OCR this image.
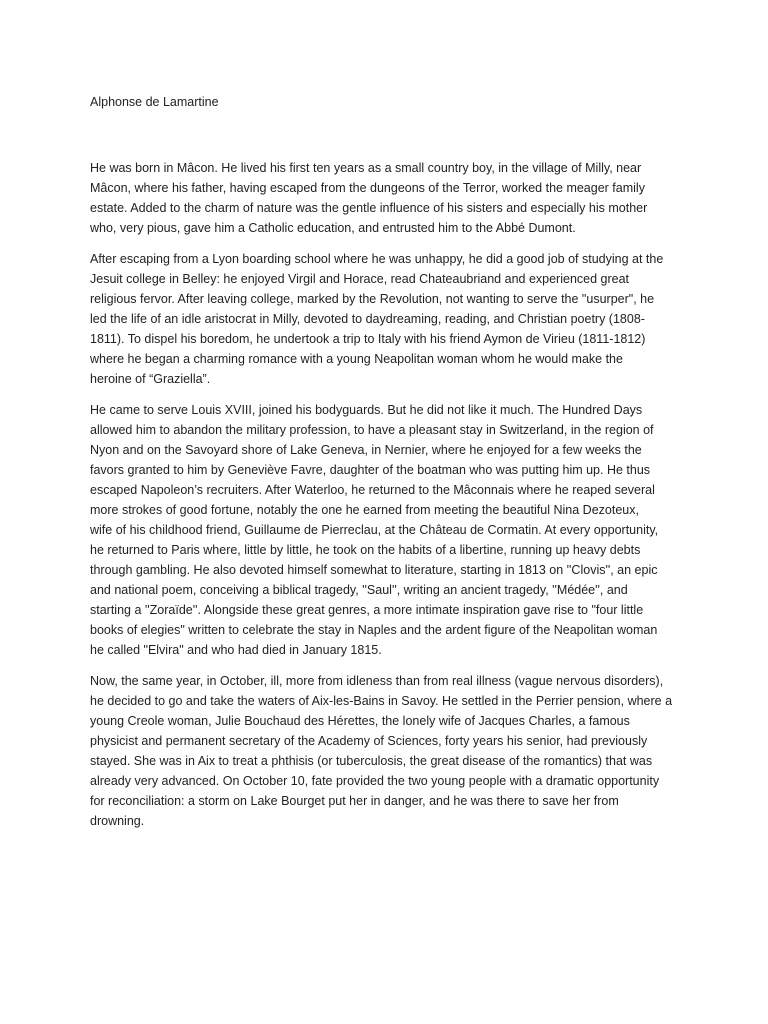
Alphonse de Lamartine

He was born in Mâcon. He lived his first ten years as a small country boy, in the village of Milly, near
Mâcon, where his father, having escaped from the dungeons of the Terror, worked the meager family
estate. Added to the charm of nature was the gentle influence of his sisters and especially his mother
who, very pious, gave him a Catholic education, and entrusted him to the Abbé Dumont.

After escaping from a Lyon boarding school where he was unhappy, he did a good job of studying at the
Jesuit college in Belley: he enjoyed Virgil and Horace, read Chateaubriand and experienced great
religious fervor. After leaving college, marked by the Revolution, not wanting to serve the "usurper", he
led the life of an idle aristocrat in Milly, devoted to daydreaming, reading, and Christian poetry (1808-
1811). To dispel his boredom, he undertook a trip to Italy with his friend Aymon de Virieu (1811-1812)
where he began a charming romance with a young Neapolitan woman whom he would make the
heroine of “Graziella”.

He came to serve Louis XVIII, joined his bodyguards. But he did not like it much. The Hundred Days
allowed him to abandon the military profession, to have a pleasant stay in Switzerland, in the region of
Nyon and on the Savoyard shore of Lake Geneva, in Nernier, where he enjoyed for a few weeks the
favors granted to him by Geneviève Favre, daughter of the boatman who was putting him up. He thus
escaped Napoleon’s recruiters. After Waterloo, he returned to the Mâconnais where he reaped several
more strokes of good fortune, notably the one he earned from meeting the beautiful Nina Dezoteux,
wife of his childhood friend, Guillaume de Pierreclau, at the Château de Cormatin. At every opportunity,
he returned to Paris where, little by little, he took on the habits of a libertine, running up heavy debts
through gambling. He also devoted himself somewhat to literature, starting in 1813 on ''Clovis'', an epic
and national poem, conceiving a biblical tragedy, ''Saul'', writing an ancient tragedy, ''Médée'', and
starting a ''Zoraïde''. Alongside these great genres, a more intimate inspiration gave rise to "four little
books of elegies" written to celebrate the stay in Naples and the ardent figure of the Neapolitan woman
he called "Elvira" and who had died in January 1815.

Now, the same year, in October, ill, more from idleness than from real illness (vague nervous disorders),
he decided to go and take the waters of Aix-les-Bains in Savoy. He settled in the Perrier pension, where a
young Creole woman, Julie Bouchaud des Hérettes, the lonely wife of Jacques Charles, a famous
physicist and permanent secretary of the Academy of Sciences, forty years his senior, had previously
stayed. She was in Aix to treat a phthisis (or tuberculosis, the great disease of the romantics) that was
already very advanced. On October 10, fate provided the two young people with a dramatic opportunity
for reconciliation: a storm on Lake Bourget put her in danger, and he was there to save her from
drowning.
